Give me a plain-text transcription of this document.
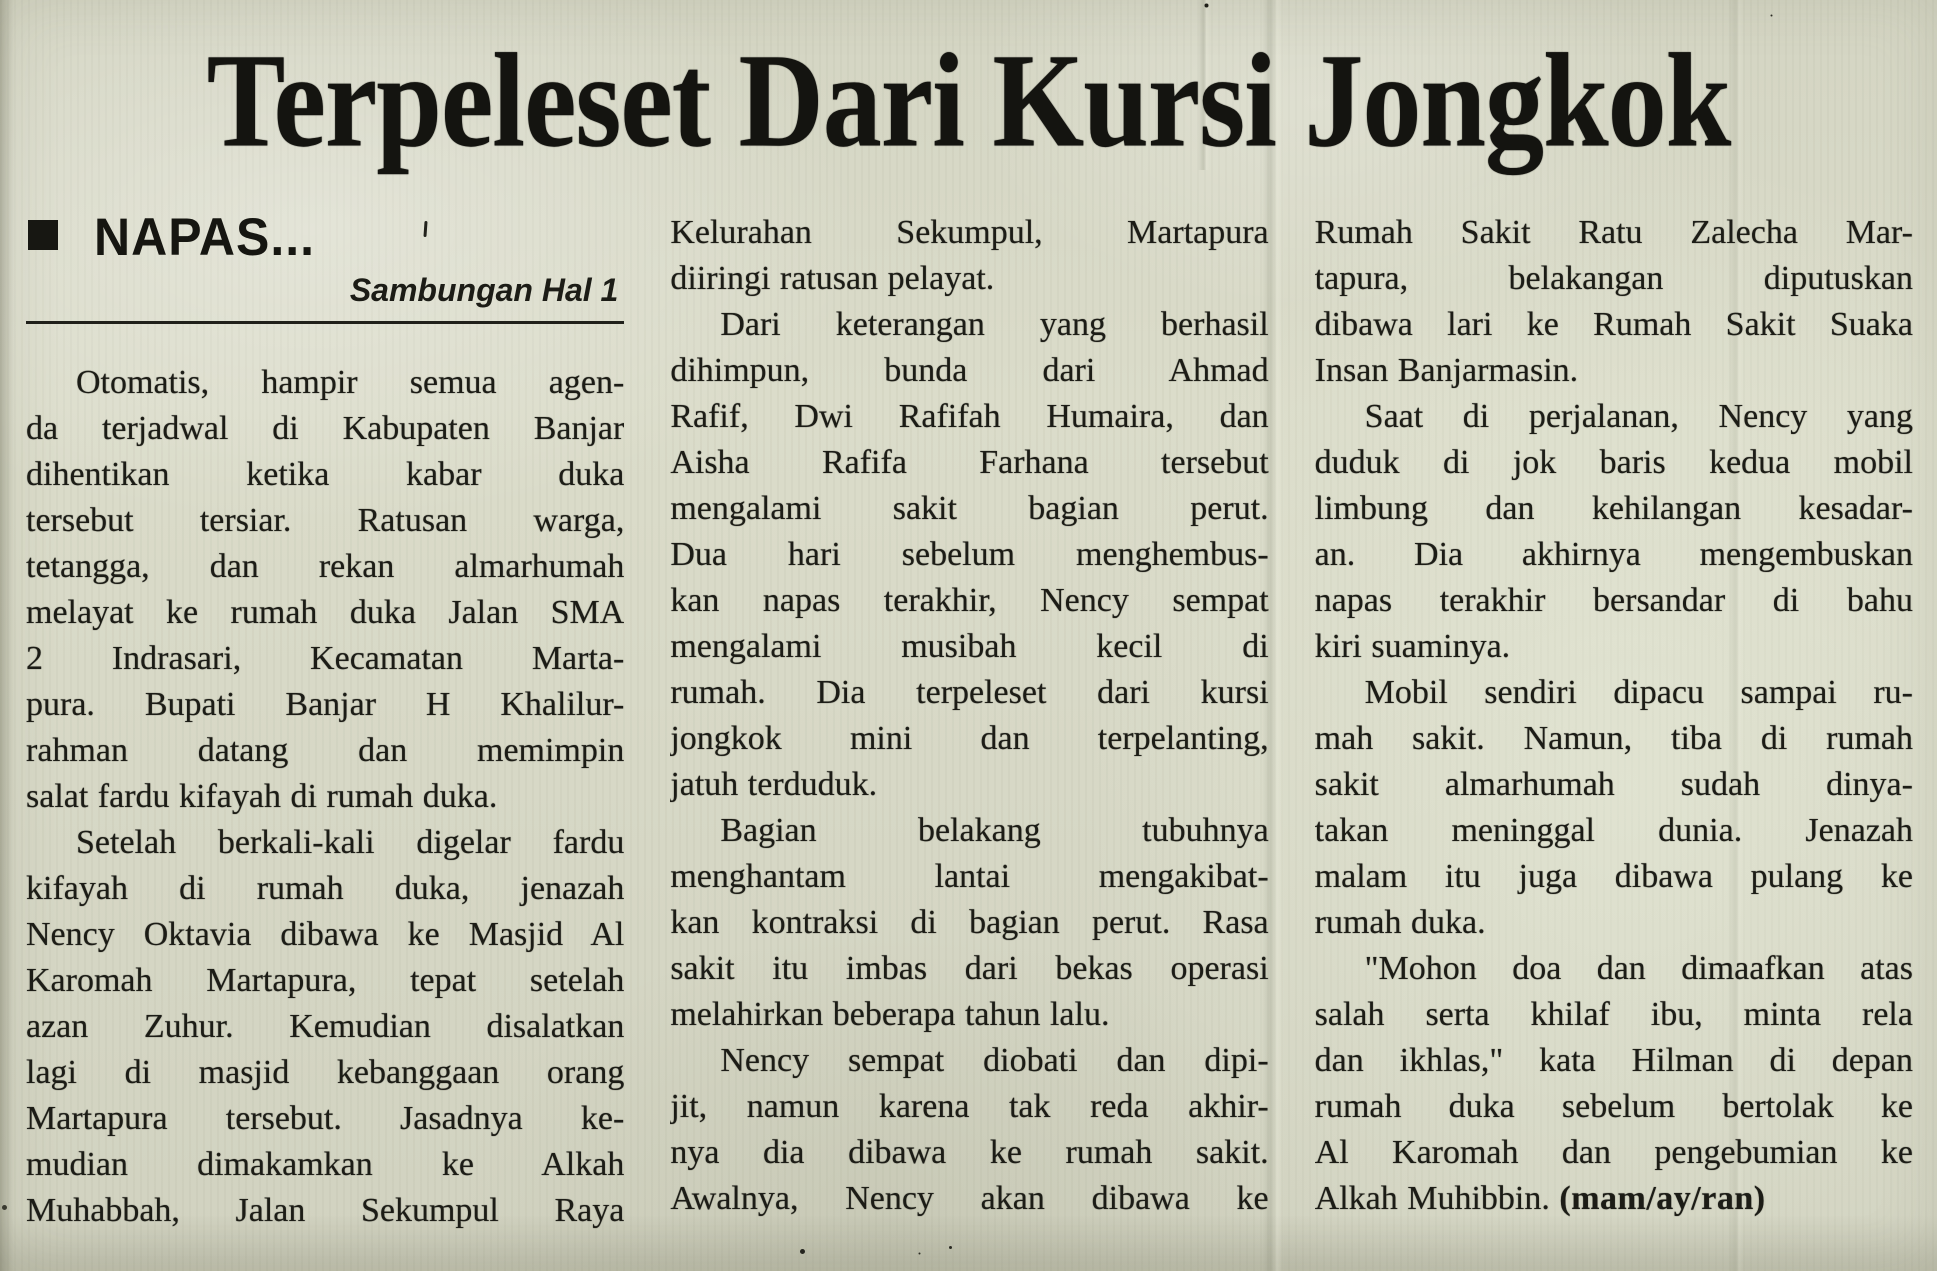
Terpeleset Dari Kursi Jongkok
NAPAS...
Sambungan Hal 1
Otomatis, hampir semua agen-
da terjadwal di Kabupaten Banjar
dihentikan ketika kabar duka
tersebut tersiar. Ratusan warga,
tetangga, dan rekan almarhumah
melayat ke rumah duka Jalan SMA
2 Indrasari, Kecamatan Marta-
pura. Bupati Banjar H Khalilur-
rahman datang dan memimpin
salat fardu kifayah di rumah duka.
Setelah berkali-kali digelar fardu
kifayah di rumah duka, jenazah
Nency Oktavia dibawa ke Masjid Al
Karomah Martapura, tepat setelah
azan Zuhur. Kemudian disalatkan
lagi di masjid kebanggaan orang
Martapura tersebut. Jasadnya ke-
mudian dimakamkan ke Alkah
Muhabbah, Jalan Sekumpul Raya
Kelurahan Sekumpul, Martapura
diiringi ratusan pelayat.
Dari keterangan yang berhasil
dihimpun, bunda dari Ahmad
Rafif, Dwi Rafifah Humaira, dan
Aisha Rafifa Farhana tersebut
mengalami sakit bagian perut.
Dua hari sebelum menghembus-
kan napas terakhir, Nency sempat
mengalami musibah kecil di
rumah. Dia terpeleset dari kursi
jongkok mini dan terpelanting,
jatuh terduduk.
Bagian belakang tubuhnya
menghantam lantai mengakibat-
kan kontraksi di bagian perut. Rasa
sakit itu imbas dari bekas operasi
melahirkan beberapa tahun lalu.
Nency sempat diobati dan dipi-
jit, namun karena tak reda akhir-
nya dia dibawa ke rumah sakit.
Awalnya, Nency akan dibawa ke
Rumah Sakit Ratu Zalecha Mar-
tapura, belakangan diputuskan
dibawa lari ke Rumah Sakit Suaka
Insan Banjarmasin.
Saat di perjalanan, Nency yang
duduk di jok baris kedua mobil
limbung dan kehilangan kesadar-
an. Dia akhirnya mengembuskan
napas terakhir bersandar di bahu
kiri suaminya.
Mobil sendiri dipacu sampai ru-
mah sakit. Namun, tiba di rumah
sakit almarhumah sudah dinya-
takan meninggal dunia. Jenazah
malam itu juga dibawa pulang ke
rumah duka.
"Mohon doa dan dimaafkan atas
salah serta khilaf ibu, minta rela
dan ikhlas," kata Hilman di depan
rumah duka sebelum bertolak ke
Al Karomah dan pengebumian ke
Alkah Muhibbin. (mam/ay/ran)
